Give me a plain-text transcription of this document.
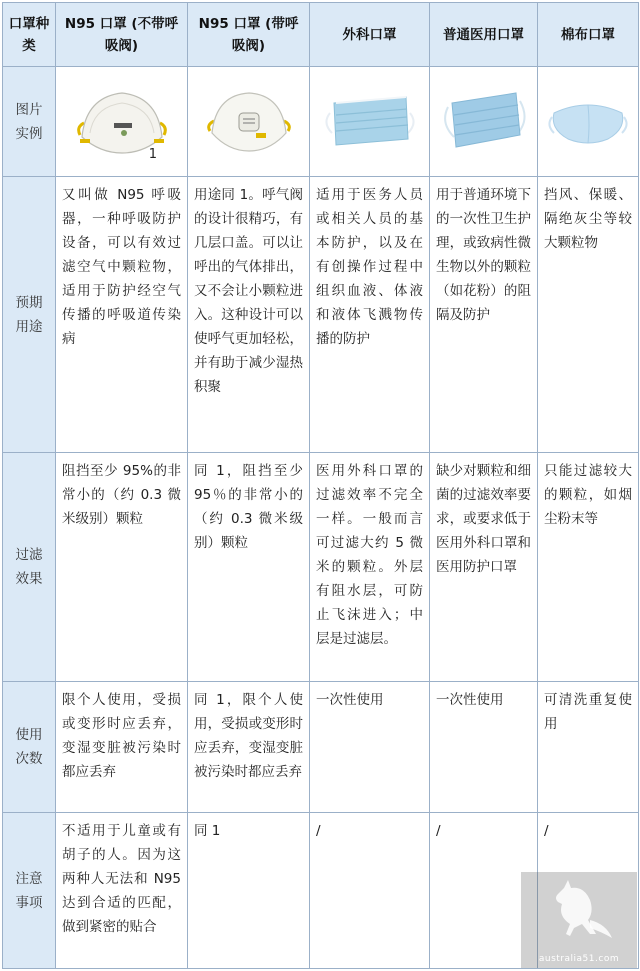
口罩种类	N95 口罩 (不带呼吸阀)	N95 口罩 (带呼吸阀)	外科口罩	普通医用口罩	棉布口罩
图片实例	1

预期用途	又叫做 N95 呼吸器，一种呼吸防护设备，可以有效过滤空气中颗粒物，适用于防护经空气传播的呼吸道传染病	用途同 1。呼气阀的设计很精巧，有几层口盖。可以让呼出的气体排出，又不会让小颗粒进入。这种设计可以使呼气更加轻松，并有助于减少湿热积聚	适用于医务人员或相关人员的基本防护，以及在有创操作过程中组织血液、体液和液体飞溅物传播的防护	用于普通环境下的一次性卫生护理，或致病性微生物以外的颗粒（如花粉）的阻隔及防护	挡风、保暖、隔绝灰尘等较大颗粒物
过滤效果	阻挡至少 95%的非常小的（约 0.3 微米级别）颗粒	同 1，阻挡至少 95％的非常小的（约 0.3 微米级别）颗粒	医用外科口罩的过滤效率不完全一样。一般而言可过滤大约 5 微米的颗粒。外层有阻水层，可防止飞沫进入；中层是过滤层。	缺少对颗粒和细菌的过滤效率要求，或要求低于医用外科口罩和医用防护口罩	只能过滤较大的颗粒，如烟尘粉末等
使用次数	限个人使用，受损或变形时应丢弃，变湿变脏被污染时都应丢弃	同 1，限个人使用，受损或变形时应丢弃，变湿变脏被污染时都应丢弃	一次性使用	一次性使用	可清洗重复使用
注意事项	不适用于儿童或有胡子的人。因为这两种人无法和 N95 达到合适的匹配，做到紧密的贴合	同 1	/	/	/
australia51.com
